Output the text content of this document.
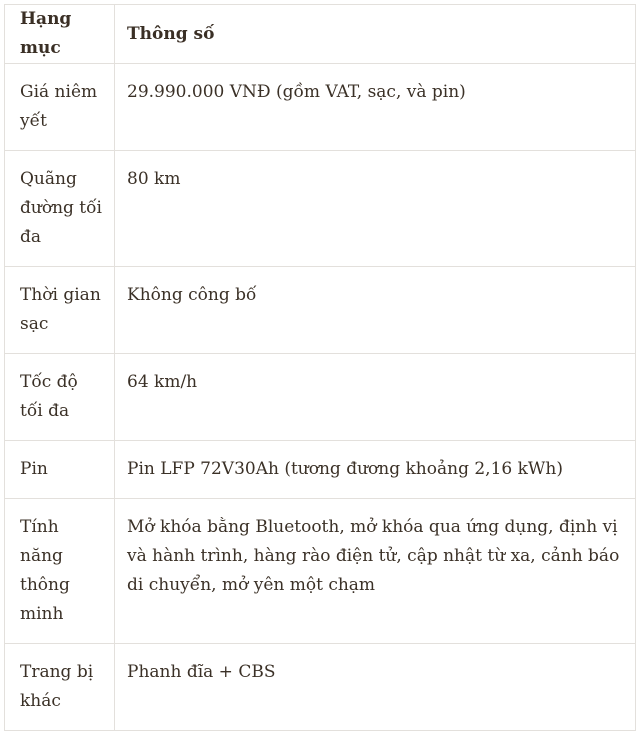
Hạng mục	Thông số
Giá niêm yết	29.990.000 VNĐ (gồm VAT, sạc, và pin)
Quãng đường tối đa	80 km
Thời gian sạc	Không công bố
Tốc độ tối đa	64 km/h
Pin	Pin LFP 72V30Ah (tương đương khoảng 2,16 kWh)
Tính năng thông minh	Mở khóa bằng Bluetooth, mở khóa qua ứng dụng, định vị và hành trình, hàng rào điện tử, cập nhật từ xa, cảnh báo di chuyển, mở yên một chạm
Trang bị khác	Phanh đĩa + CBS
